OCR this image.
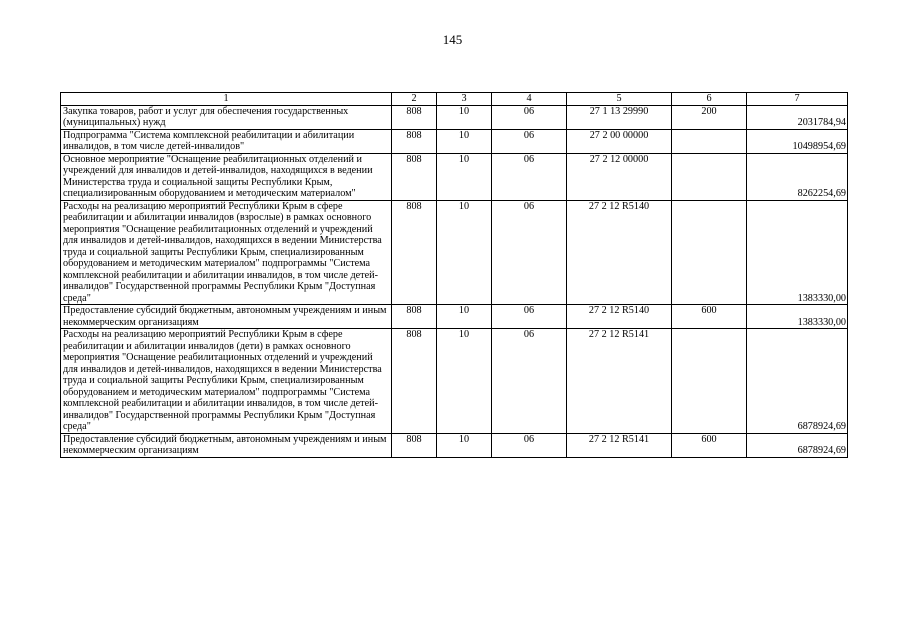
145
1	2	3	4	5	6	7
Закупка товаров, работ и услуг для обеспечения государственных (муниципальных) нужд	808	10	06	27 1 13 29990	200	2031784,94
Подпрограмма "Система комплексной реабилитации и абилитации инвалидов, в том числе детей-инвалидов"	808	10	06	27 2 00 00000		10498954,69
Основное мероприятие "Оснащение реабилитационных отделений и учреждений для инвалидов и детей-инвалидов, находящихся в ведении Министерства труда и социальной защиты Республики Крым, специализированным оборудованием и методическим материалом"	808	10	06	27 2 12 00000		8262254,69
Расходы на реализацию мероприятий Республики Крым в сфере реабилитации и абилитации инвалидов (взрослые) в рамках основного мероприятия "Оснащение реабилитационных отделений и учреждений для инвалидов и детей-инвалидов, находящихся в ведении Министерства труда и социальной защиты Республики Крым, специализированным оборудованием и методическим материалом" подпрограммы "Система комплексной реабилитации и абилитации инвалидов, в том числе детей-инвалидов" Государственной программы Республики Крым "Доступная среда"	808	10	06	27 2 12 R5140		1383330,00
Предоставление субсидий бюджетным, автономным учреждениям и иным некоммерческим организациям	808	10	06	27 2 12 R5140	600	1383330,00
Расходы на реализацию мероприятий Республики Крым в сфере реабилитации и абилитации инвалидов (дети) в рамках основного мероприятия "Оснащение реабилитационных отделений и учреждений для инвалидов и детей-инвалидов, находящихся в ведении Министерства труда и социальной защиты Республики Крым, специализированным оборудованием и методическим материалом" подпрограммы "Система комплексной реабилитации и абилитации инвалидов, в том числе детей-инвалидов" Государственной программы Республики Крым "Доступная среда"	808	10	06	27 2 12 R5141		6878924,69
Предоставление субсидий бюджетным, автономным учреждениям и иным некоммерческим организациям	808	10	06	27 2 12 R5141	600	6878924,69
